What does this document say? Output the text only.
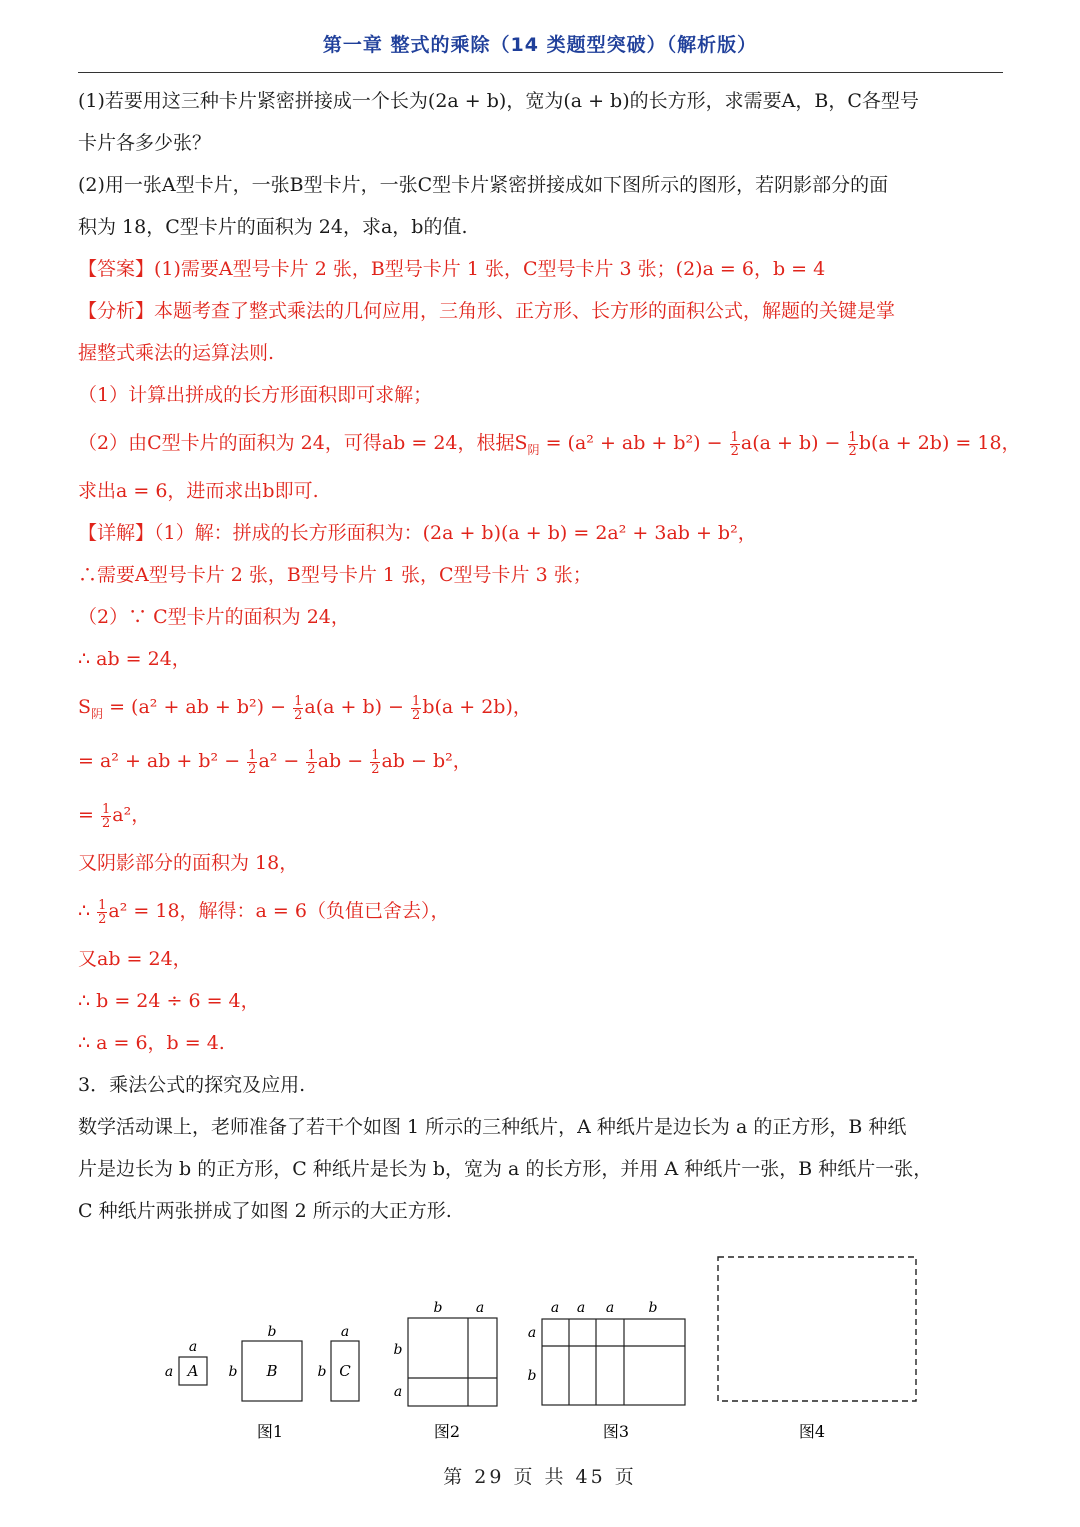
第一章 整式的乘除（14 类题型突破）（解析版）
(1)若要用这三种卡片紧密拼接成一个长为(2a + b)，宽为(a + b)的长方形，求需要A，B，C各型号
卡片各多少张？
(2)用一张A型卡片，一张B型卡片，一张C型卡片紧密拼接成如下图所示的图形，若阴影部分的面
积为 18，C型卡片的面积为 24，求a，b的值.
【答案】(1)需要A型号卡片 2 张，B型号卡片 1 张，C型号卡片 3 张；(2)a = 6，b = 4
【分析】本题考查了整式乘法的几何应用，三角形、正方形、长方形的面积公式，解题的关键是掌
握整式乘法的运算法则.
（1）计算出拼成的长方形面积即可求解；
（2）由C型卡片的面积为 24，可得ab = 24，根据$S_阴 = (a^2$ + ab + $b^2) - \frac{1}{2} a(a + b) - \frac{1}{2} b(a + 2b) = 18$，
求出a = 6，进而求出b即可.
【详解】（1）解：拼成的长方形面积为：(2a + b)(a + b) = 2a² + 3ab + b²，
∴需要A型号卡片 2 张，B型号卡片 1 张，C型号卡片 3 张；
（2）∵ C型卡片的面积为 24，
∴ ab = 24，
$S_阴 = (a^2$ + ab + $b^2) - \frac{1}{2} a(a + b) - \frac{1}{2} b(a + 2b)$，
= a² + ab + $b^2 - \frac{1}{2} a^2 - \frac{1}{2}$ ab − $\frac{1}{2}$ ab − b²，
= $\frac{1}{2} a^2$，
又阴影部分的面积为 18，
∴ $\frac{1}{2} a^2 = 18$，解得：a = 6（负值已舍去），
又ab = 24，
∴ b = 24 ÷ 6 = 4，
∴ a = 6，b = 4.
3．乘法公式的探究及应用.
数学活动课上，老师准备了若干个如图 1 所示的三种纸片，A 种纸片是边长为 a 的正方形，B 种纸
片是边长为 b 的正方形，C 种纸片是长为 b，宽为 a 的长方形，并用 A 种纸片一张，B 种纸片一张，
C 种纸片两张拼成了如图 2 所示的大正方形.
A
a
a	B
b
b	C
a
b
图1
b a
b
a
图2
a a a b
a
b
图3	图4
第 29 页 共 45 页
